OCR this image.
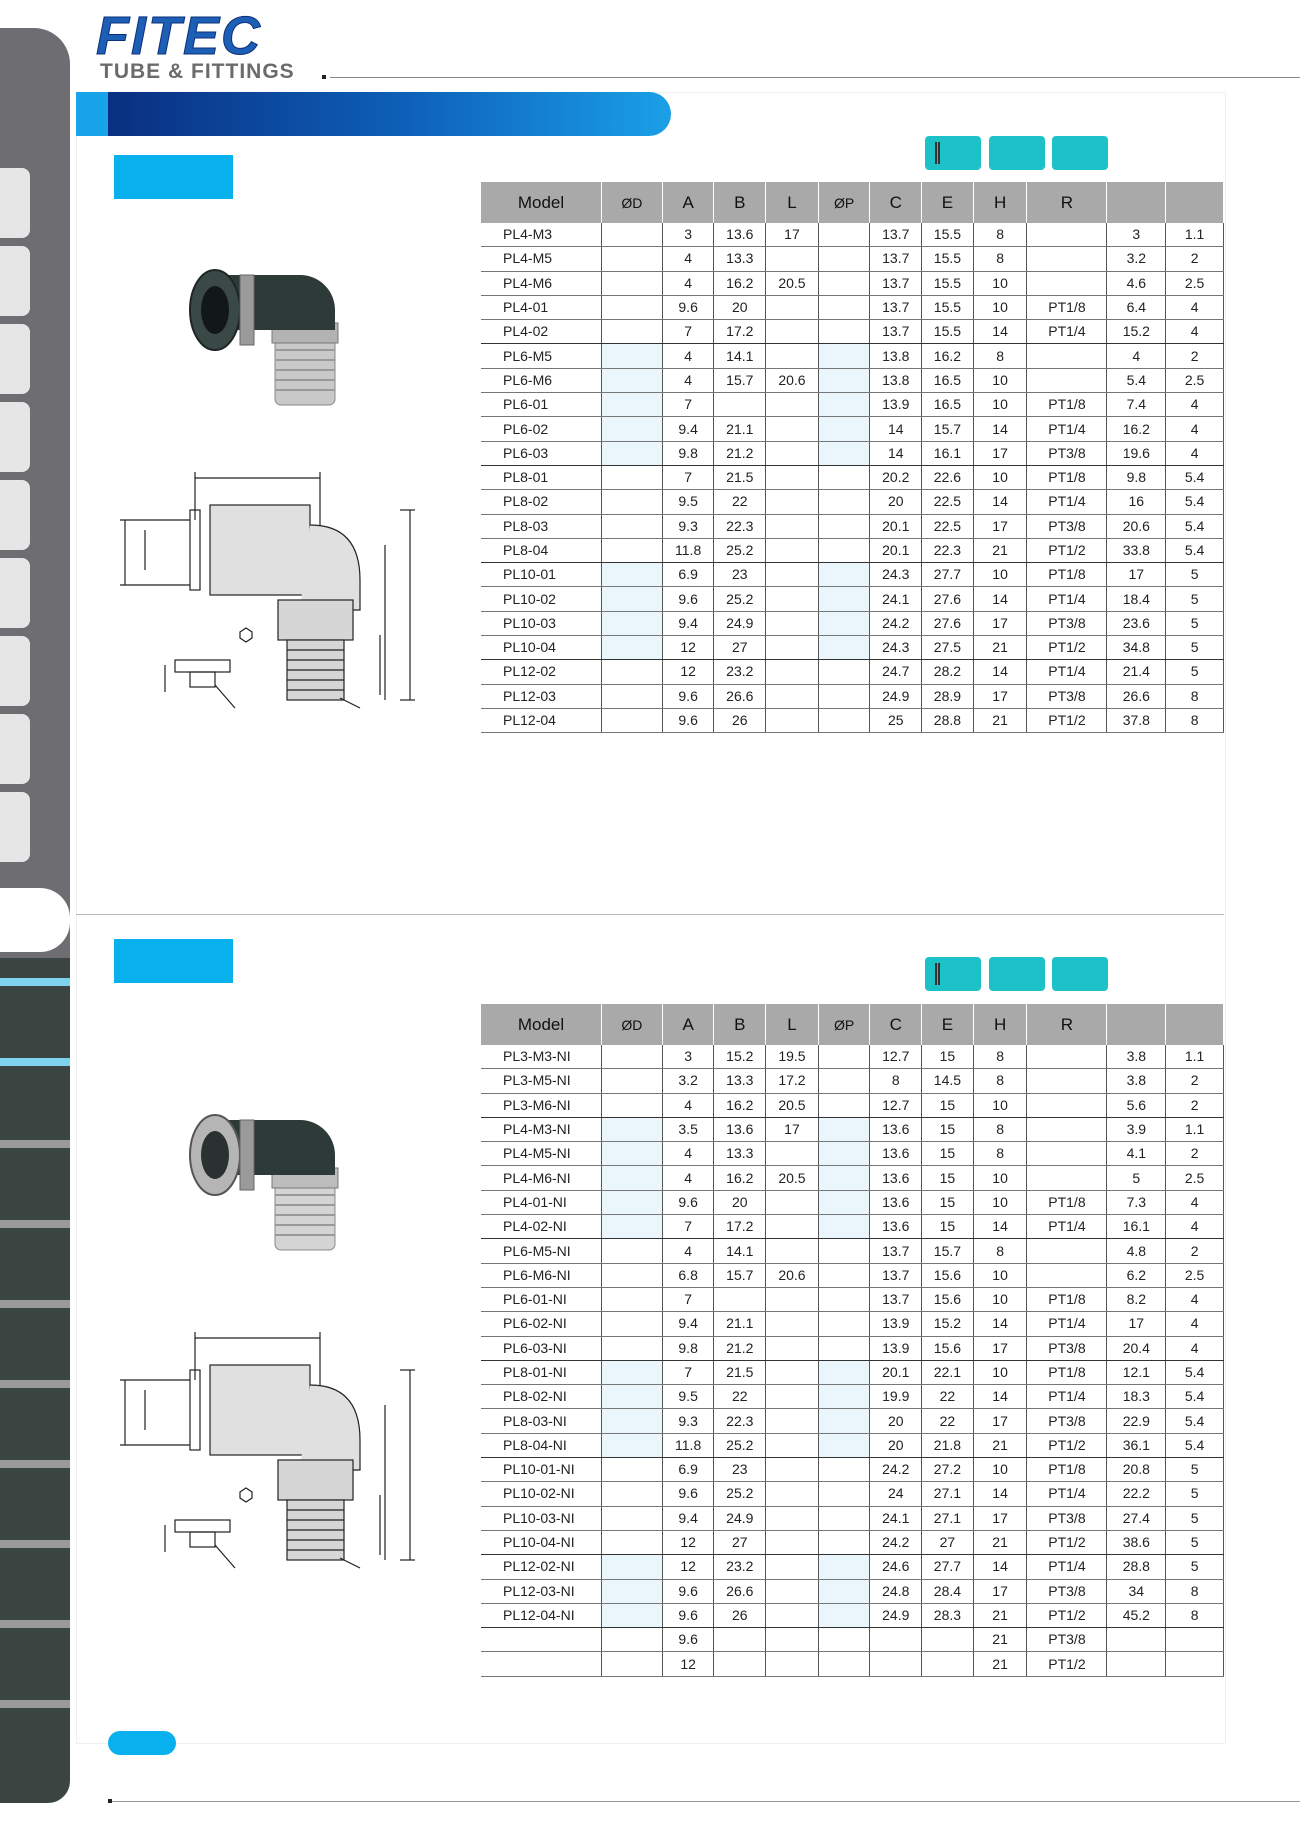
FITEC

TUBE & FITTINGS

Model	ØD	A	B	L	ØP	C	E	H	R		
PL4-M3		3	13.6	17		13.7	15.5	8		3	1.1
PL4-M5		4	13.3			13.7	15.5	8		3.2	2
PL4-M6		4	16.2	20.5		13.7	15.5	10		4.6	2.5
PL4-01		9.6	20			13.7	15.5	10	PT1/8	6.4	4
PL4-02		7	17.2			13.7	15.5	14	PT1/4	15.2	4
PL6-M5		4	14.1			13.8	16.2	8		4	2
PL6-M6		4	15.7	20.6		13.8	16.5	10		5.4	2.5
PL6-01		7				13.9	16.5	10	PT1/8	7.4	4
PL6-02		9.4	21.1			14	15.7	14	PT1/4	16.2	4
PL6-03		9.8	21.2			14	16.1	17	PT3/8	19.6	4
PL8-01		7	21.5			20.2	22.6	10	PT1/8	9.8	5.4
PL8-02		9.5	22			20	22.5	14	PT1/4	16	5.4
PL8-03		9.3	22.3			20.1	22.5	17	PT3/8	20.6	5.4
PL8-04		11.8	25.2			20.1	22.3	21	PT1/2	33.8	5.4
PL10-01		6.9	23			24.3	27.7	10	PT1/8	17	5
PL10-02		9.6	25.2			24.1	27.6	14	PT1/4	18.4	5
PL10-03		9.4	24.9			24.2	27.6	17	PT3/8	23.6	5
PL10-04		12	27			24.3	27.5	21	PT1/2	34.8	5
PL12-02		12	23.2			24.7	28.2	14	PT1/4	21.4	5
PL12-03		9.6	26.6			24.9	28.9	17	PT3/8	26.6	8
PL12-04		9.6	26			25	28.8	21	PT1/2	37.8	8
Model	ØD	A	B	L	ØP	C	E	H	R		
PL3-M3-NI		3	15.2	19.5		12.7	15	8		3.8	1.1
PL3-M5-NI		3.2	13.3	17.2		8	14.5	8		3.8	2
PL3-M6-NI		4	16.2	20.5		12.7	15	10		5.6	2
PL4-M3-NI		3.5	13.6	17		13.6	15	8		3.9	1.1
PL4-M5-NI		4	13.3			13.6	15	8		4.1	2
PL4-M6-NI		4	16.2	20.5		13.6	15	10		5	2.5
PL4-01-NI		9.6	20			13.6	15	10	PT1/8	7.3	4
PL4-02-NI		7	17.2			13.6	15	14	PT1/4	16.1	4
PL6-M5-NI		4	14.1			13.7	15.7	8		4.8	2
PL6-M6-NI		6.8	15.7	20.6		13.7	15.6	10		6.2	2.5
PL6-01-NI		7				13.7	15.6	10	PT1/8	8.2	4
PL6-02-NI		9.4	21.1			13.9	15.2	14	PT1/4	17	4
PL6-03-NI		9.8	21.2			13.9	15.6	17	PT3/8	20.4	4
PL8-01-NI		7	21.5			20.1	22.1	10	PT1/8	12.1	5.4
PL8-02-NI		9.5	22			19.9	22	14	PT1/4	18.3	5.4
PL8-03-NI		9.3	22.3			20	22	17	PT3/8	22.9	5.4
PL8-04-NI		11.8	25.2			20	21.8	21	PT1/2	36.1	5.4
PL10-01-NI		6.9	23			24.2	27.2	10	PT1/8	20.8	5
PL10-02-NI		9.6	25.2			24	27.1	14	PT1/4	22.2	5
PL10-03-NI		9.4	24.9			24.1	27.1	17	PT3/8	27.4	5
PL10-04-NI		12	27			24.2	27	21	PT1/2	38.6	5
PL12-02-NI		12	23.2			24.6	27.7	14	PT1/4	28.8	5
PL12-03-NI		9.6	26.6			24.8	28.4	17	PT3/8	34	8
PL12-04-NI		9.6	26			24.9	28.3	21	PT1/2	45.2	8
		9.6						21	PT3/8		
		12						21	PT1/2		
